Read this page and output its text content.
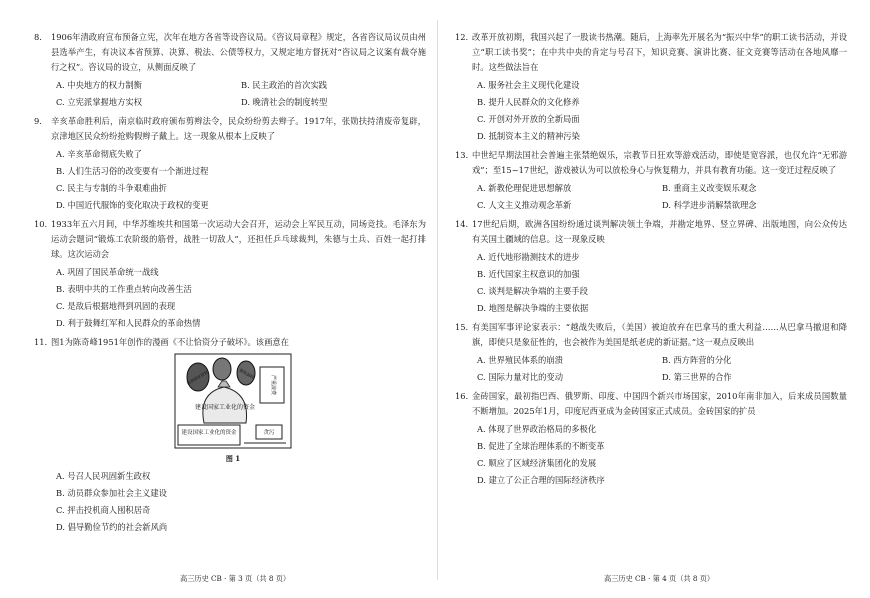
8.	1906年清政府宣布预备立宪，次年在地方各省等设咨议局。《咨议局章程》规定，各省咨议局议员由州县选举产生，有决议本省预算、决算、税法、公债等权力，又规定地方督抚对“咨议局之议案有裁夺施行之权”。咨议局的设立，从侧面反映了
A. 中央地方的权力制衡	B. 民主政治的首次实践
C. 立宪派掌握地方实权	D. 晚清社会的制度转型
9.	辛亥革命胜利后，南京临时政府颁布剪辫法令，民众纷纷剪去辫子。1917年，张勋扶持清废帝复辟，京津地区民众纷纷抢购假辫子戴上。这一现象从根本上反映了
A. 辛亥革命彻底失败了
B. 人们生活习俗的改变要有一个渐进过程
C. 民主与专制的斗争艰难曲折
D. 中国近代服饰的变化取决于政权的变更
10. 1933年五六月间，中华苏维埃共和国第一次运动大会召开，运动会上军民互动，同场竞技。毛泽东为运动会题词“锻炼工农阶级的筋骨，战胜一切敌人”，还担任乒乓球裁判，朱德与士兵、百姓一起打排球。这次运动会
A. 巩固了国民革命统一战线
B. 表明中共的工作重点转向改善生活
C. 是敌后根据地得到巩固的表现
D. 利于鼓舞红军和人民群众的革命热情
11. 图1为陈奇峰1951年创作的漫画《不让恰资分子破坏》。该画意在
建设国家工业化的资金
建设国家工业化的资金	贪污
盗窃国家资财	严重浪费
偷税漏税
图 1
A. 号召人民巩固新生政权
B. 动员群众参加社会主义建设
C. 抨击投机商人囤积居奇
D. 倡导勤俭节约的社会新风尚
12. 改革开放初期，我国兴起了一股读书热潮。随后，上海率先开展名为“振兴中华”的职工读书活动，并设立“职工读书奖”；在中共中央的肯定与号召下，知识竞赛、演讲比赛、征文竞赛等活动在各地风靡一时。这些做法旨在
A. 服务社会主义现代化建设
B. 提升人民群众的文化修养
C. 开创对外开放的全新局面
D. 抵制资本主义的精神污染
13. 中世纪早期法国社会普遍主张禁绝娱乐，宗教节日狂欢等游戏活动，即使是宽容派，也仅允许“无邪游戏”；至15~17世纪，游戏被认为可以放松身心与恢复精力，并具有教育功能。这一变迁过程反映了
A. 新教伦理促进思想解放	B. 重商主义改变娱乐观念
C. 人文主义推动观念革新	D. 科学进步消解禁欲理念
14. 17世纪后期，欧洲各国纷纷通过谈判解决领土争端，并勘定地界、竖立界碑、出版地图，向公众传达有关国土疆域的信息。这一现象反映
A. 近代地形勘测技术的进步
B. 近代国家主权意识的加强
C. 谈判是解决争端的主要手段
D. 地图是解决争端的主要依据
15. 有美国军事评论家表示：“越战失败后，（美国）被迫放弃在巴拿马的重大利益……从巴拿马撤退和降旗，即使只是象征性的，也会被作为美国是纸老虎的新证据。”这一观点反映出
A. 世界殖民体系的崩溃	B. 西方阵营的分化
C. 国际力量对比的变动	D. 第三世界的合作
16. 金砖国家，最初指巴西、俄罗斯、印度、中国四个新兴市场国家，2010年南非加入，后来成员国数量不断增加。2025年1月，印度尼西亚成为金砖国家正式成员。金砖国家的扩员
A. 体现了世界政治格局的多极化
B. 促进了全球治理体系的不断变革
C. 顺应了区域经济集团化的发展
D. 建立了公正合理的国际经济秩序
高三历史 CB · 第 3 页（共 8 页）	高三历史 CB · 第 4 页（共 8 页）
